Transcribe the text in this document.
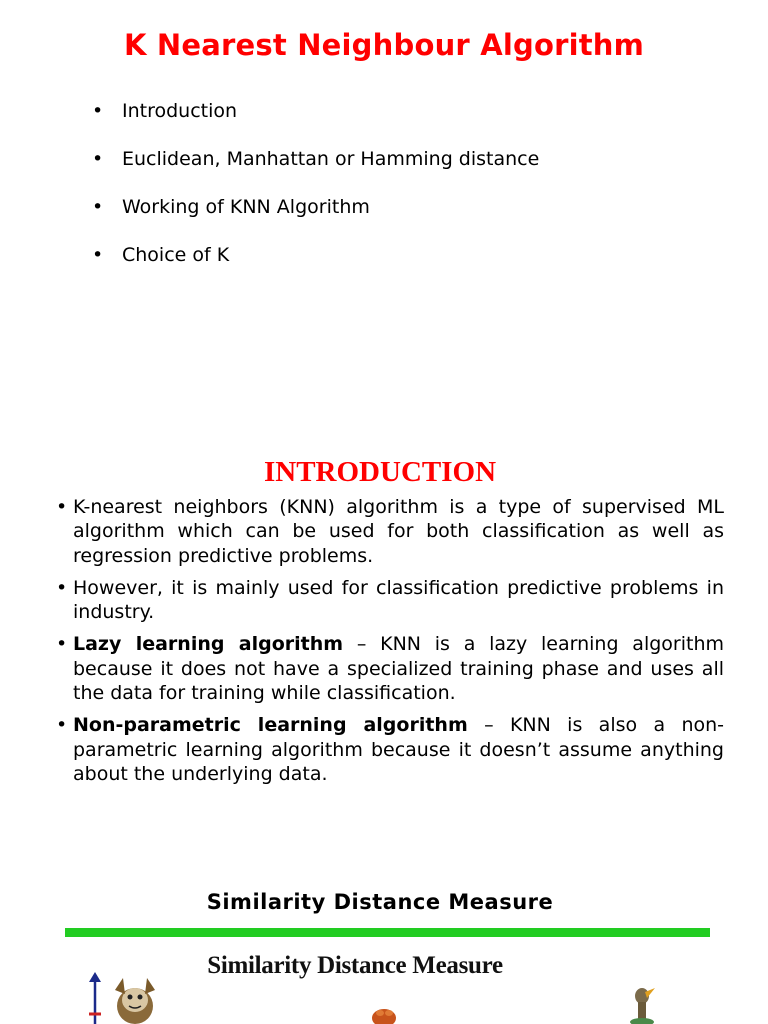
K Nearest Neighbour Algorithm
• Introduction
• Euclidean, Manhattan or Hamming distance
• Working of KNN Algorithm
• Choice of K
INTRODUCTION
• K-nearest neighbors (KNN) algorithm is a type of supervised ML algorithm which can be used for both classification as well as regression predictive problems.
• However, it is mainly used for classification predictive problems in industry.
• Lazy learning algorithm – KNN is a lazy learning algorithm because it does not have a specialized training phase and uses all the data for training while classification.
• Non-parametric learning algorithm – KNN is also a non-parametric learning algorithm because it doesn’t assume anything about the underlying data.
Similarity Distance Measure
Similarity Distance Measure
